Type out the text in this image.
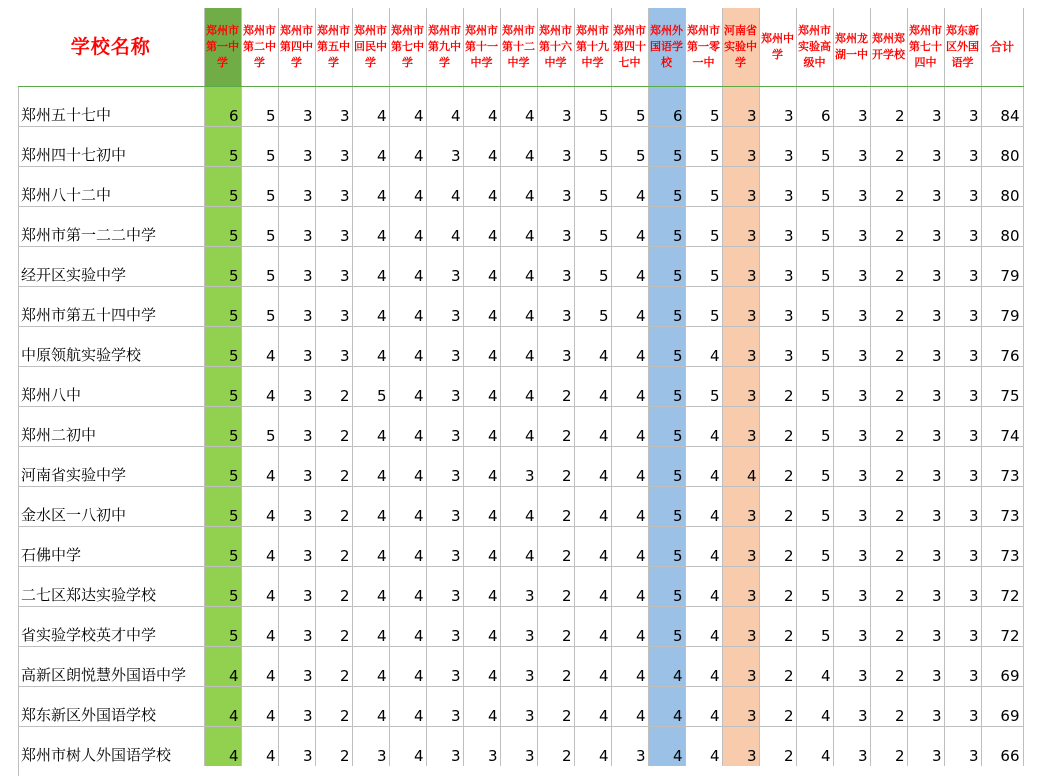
学校名称	郑州市第一中学	郑州市第二中学	郑州市第四中学	郑州市第五中学	郑州市回民中学	郑州市第七中学	郑州市第九中学	郑州市第十一中学	郑州市第十二中学	郑州市第十六中学	郑州市第十九中学	郑州市第四十七中	郑州外国语学校	郑州市第一零一中	河南省实验中学	郑州中学	郑州市实验高级中	郑州龙湖一中	郑州郑开学校	郑州市第七十四中	郑东新区外国语学	合计
郑州五十七中	6	5	3	3	4	4	4	4	4	3	5	5	6	5	3	3	6	3	2	3	3	84
郑州四十七初中	5	5	3	3	4	4	3	4	4	3	5	5	5	5	3	3	5	3	2	3	3	80
郑州八十二中	5	5	3	3	4	4	4	4	4	3	5	4	5	5	3	3	5	3	2	3	3	80
郑州市第一二二中学	5	5	3	3	4	4	4	4	4	3	5	4	5	5	3	3	5	3	2	3	3	80
经开区实验中学	5	5	3	3	4	4	3	4	4	3	5	4	5	5	3	3	5	3	2	3	3	79
郑州市第五十四中学	5	5	3	3	4	4	3	4	4	3	5	4	5	5	3	3	5	3	2	3	3	79
中原领航实验学校	5	4	3	3	4	4	3	4	4	3	4	4	5	4	3	3	5	3	2	3	3	76
郑州八中	5	4	3	2	5	4	3	4	4	2	4	4	5	5	3	2	5	3	2	3	3	75
郑州二初中	5	5	3	2	4	4	3	4	4	2	4	4	5	4	3	2	5	3	2	3	3	74
河南省实验中学	5	4	3	2	4	4	3	4	3	2	4	4	5	4	4	2	5	3	2	3	3	73
金水区一八初中	5	4	3	2	4	4	3	4	4	2	4	4	5	4	3	2	5	3	2	3	3	73
石佛中学	5	4	3	2	4	4	3	4	4	2	4	4	5	4	3	2	5	3	2	3	3	73
二七区郑达实验学校	5	4	3	2	4	4	3	4	3	2	4	4	5	4	3	2	5	3	2	3	3	72
省实验学校英才中学	5	4	3	2	4	4	3	4	3	2	4	4	5	4	3	2	5	3	2	3	3	72
高新区朗悦慧外国语中学	4	4	3	2	4	4	3	4	3	2	4	4	4	4	3	2	4	3	2	3	3	69
郑东新区外国语学校	4	4	3	2	4	4	3	4	3	2	4	4	4	4	3	2	4	3	2	3	3	69
郑州市树人外国语学校	4	4	3	2	3	4	3	3	3	2	4	3	4	4	3	2	4	3	2	3	3	66
